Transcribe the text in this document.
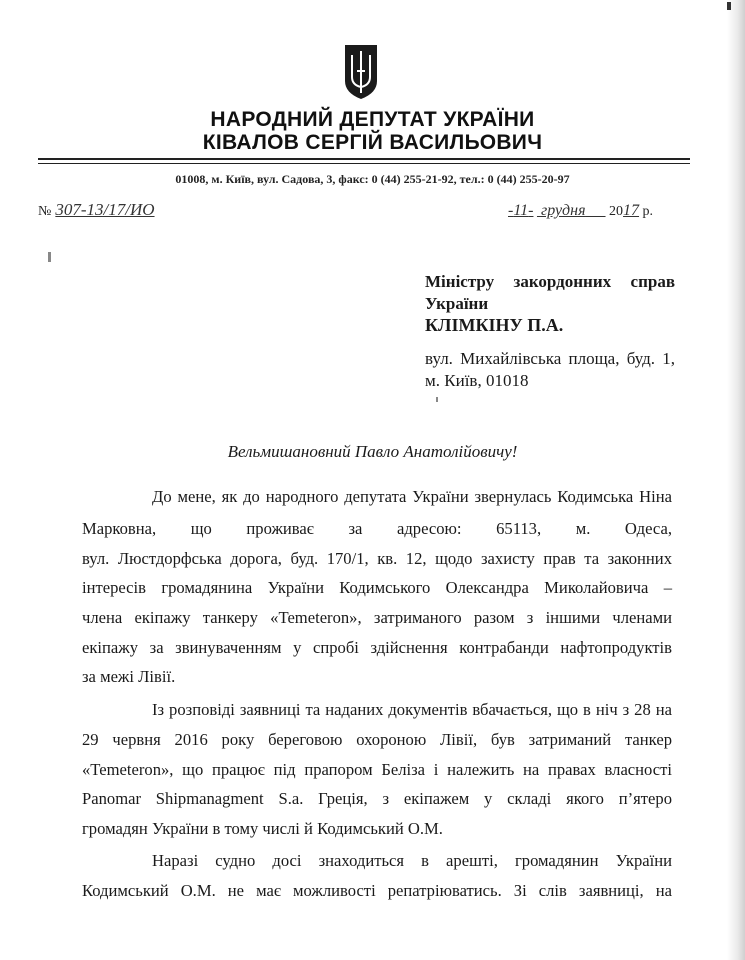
НАРОДНИЙ ДЕПУТАТ УКРАЇНИ
КІВАЛОВ СЕРГІЙ ВАСИЛЬОВИЧ
01008, м. Київ, вул. Садова, 3, факс: 0 (44) 255-21-92, тел.: 0 (44) 255-20-97
№ 307-13/17/ИО	-11- грудня 2017 р.
Міністру закордонних справ
України
КЛІМКІНУ П.А.
вул. Михайлівська площа, буд. 1,
м. Київ, 01018
Вельмишановний Павло Анатолійовичу!
До мене, як до народного депутата України звернулась Кодимська Ніна
Марковна, що проживає за адресою: 65113, м. Одеса,
вул. Люстдорфська дорога, буд. 170/1, кв. 12, щодо захисту прав та законних
інтересів громадянина України Кодимського Олександра Миколайовича –
члена екіпажу танкеру «Temeteron», затриманого разом з іншими членами
екіпажу за звинуваченням у спробі здійснення контрабанди нафтопродуктів
за межі Лівії.
Із розповіді заявниці та наданих документів вбачається, що в ніч з 28 на
29 червня 2016 року береговою охороною Лівії, був затриманий танкер
«Temeteron», що працює під прапором Беліза і належить на правах власності
Panomar Shipmanagment S.a. Греція, з екіпажем у складі якого п’ятеро
громадян України в тому числі й Кодимський О.М.
Наразі судно досі знаходиться в арешті, громадянин України
Кодимський О.М. не має можливості репатріюватись. Зі слів заявниці, на
